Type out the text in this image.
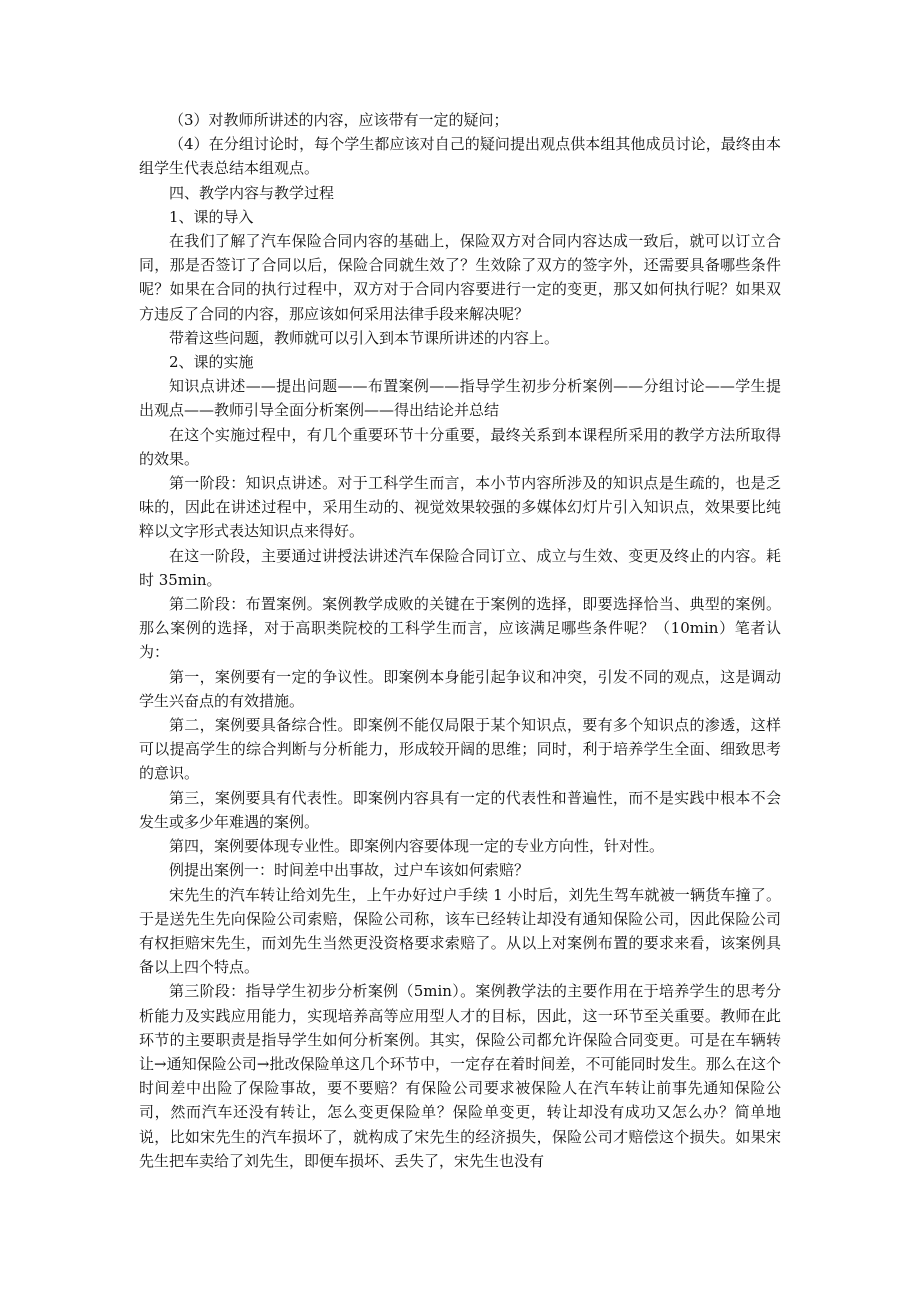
（3）对教师所讲述的内容，应该带有一定的疑问；

（4）在分组讨论时，每个学生都应该对自己的疑问提出观点供本组其他成员讨论，最终由本组学生代表总结本组观点。

四、教学内容与教学过程

1、课的导入

在我们了解了汽车保险合同内容的基础上，保险双方对合同内容达成一致后，就可以订立合同，那是否签订了合同以后，保险合同就生效了？生效除了双方的签字外，还需要具备哪些条件呢？如果在合同的执行过程中，双方对于合同内容要进行一定的变更，那又如何执行呢？如果双方违反了合同的内容，那应该如何采用法律手段来解决呢？

带着这些问题，教师就可以引入到本节课所讲述的内容上。

2、课的实施

知识点讲述——提出问题——布置案例——指导学生初步分析案例——分组讨论——学生提出观点——教师引导全面分析案例——得出结论并总结

在这个实施过程中，有几个重要环节十分重要，最终关系到本课程所采用的教学方法所取得的效果。

第一阶段：知识点讲述。对于工科学生而言，本小节内容所涉及的知识点是生疏的，也是乏味的，因此在讲述过程中，采用生动的、视觉效果较强的多媒体幻灯片引入知识点，效果要比纯粹以文字形式表达知识点来得好。

在这一阶段，主要通过讲授法讲述汽车保险合同订立、成立与生效、变更及终止的内容。耗时 35min。

第二阶段：布置案例。案例教学成败的关键在于案例的选择，即要选择恰当、典型的案例。那么案例的选择，对于高职类院校的工科学生而言，应该满足哪些条件呢？（10min）笔者认为：

第一，案例要有一定的争议性。即案例本身能引起争议和冲突，引发不同的观点，这是调动学生兴奋点的有效措施。

第二，案例要具备综合性。即案例不能仅局限于某个知识点，要有多个知识点的渗透，这样可以提高学生的综合判断与分析能力，形成较开阔的思维；同时，利于培养学生全面、细致思考的意识。

第三，案例要具有代表性。即案例内容具有一定的代表性和普遍性，而不是实践中根本不会发生或多少年难遇的案例。

第四，案例要体现专业性。即案例内容要体现一定的专业方向性，针对性。

例提出案例一：时间差中出事故，过户车该如何索赔？

宋先生的汽车转让给刘先生，上午办好过户手续 1 小时后，刘先生驾车就被一辆货车撞了。于是送先生先向保险公司索赔，保险公司称，该车已经转让却没有通知保险公司，因此保险公司有权拒赔宋先生，而刘先生当然更没资格要求索赔了。从以上对案例布置的要求来看，该案例具备以上四个特点。

第三阶段：指导学生初步分析案例（5min）。案例教学法的主要作用在于培养学生的思考分析能力及实践应用能力，实现培养高等应用型人才的目标，因此，这一环节至关重要。教师在此环节的主要职责是指导学生如何分析案例。其实，保险公司都允许保险合同变更。可是在车辆转让→通知保险公司→批改保险单这几个环节中，一定存在着时间差，不可能同时发生。那么在这个时间差中出险了保险事故，要不要赔？有保险公司要求被保险人在汽车转让前事先通知保险公司，然而汽车还没有转让，怎么变更保险单？保险单变更，转让却没有成功又怎么办？简单地说，比如宋先生的汽车损坏了，就构成了宋先生的经济损失，保险公司才赔偿这个损失。如果宋先生把车卖给了刘先生，即便车损坏、丢失了，宋先生也没有
